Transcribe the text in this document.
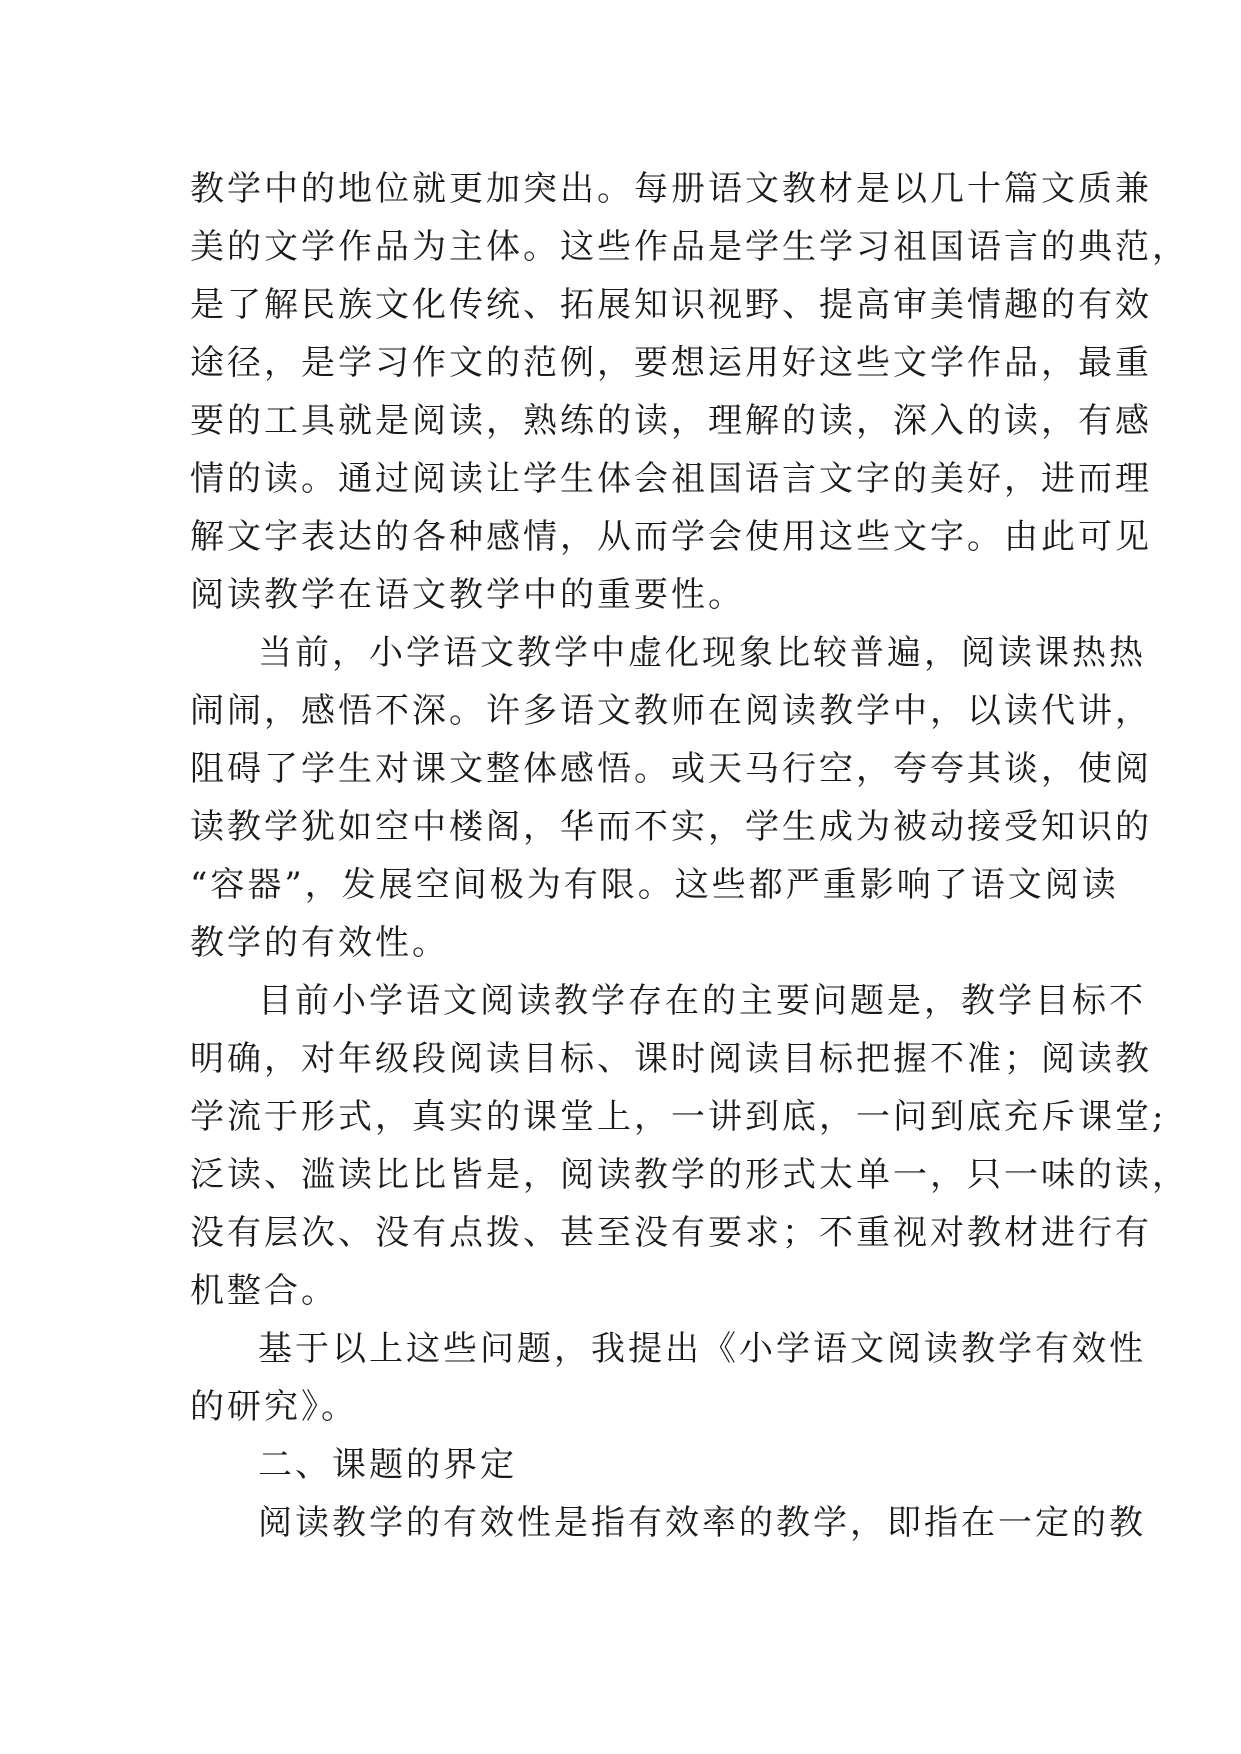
教学中的地位就更加突出。每册语文教材是以几十篇文质兼
美的文学作品为主体。这些作品是学生学习祖国语言的典范，
是了解民族文化传统、拓展知识视野、提高审美情趣的有效
途径，是学习作文的范例，要想运用好这些文学作品，最重
要的工具就是阅读，熟练的读，理解的读，深入的读，有感
情的读。通过阅读让学生体会祖国语言文字的美好，进而理
解文字表达的各种感情，从而学会使用这些文字。由此可见
阅读教学在语文教学中的重要性。
当前，小学语文教学中虚化现象比较普遍，阅读课热热
闹闹，感悟不深。许多语文教师在阅读教学中，以读代讲，
阻碍了学生对课文整体感悟。或天马行空，夸夸其谈，使阅
读教学犹如空中楼阁，华而不实，学生成为被动接受知识的
“容器”，发展空间极为有限。这些都严重影响了语文阅读
教学的有效性。
目前小学语文阅读教学存在的主要问题是，教学目标不
明确，对年级段阅读目标、课时阅读目标把握不准；阅读教
学流于形式，真实的课堂上，一讲到底，一问到底充斥课堂;
泛读、滥读比比皆是，阅读教学的形式太单一，只一味的读，
没有层次、没有点拨、甚至没有要求；不重视对教材进行有
机整合。
基于以上这些问题，我提出《小学语文阅读教学有效性
的研究》。
二、课题的界定
阅读教学的有效性是指有效率的教学，即指在一定的教
